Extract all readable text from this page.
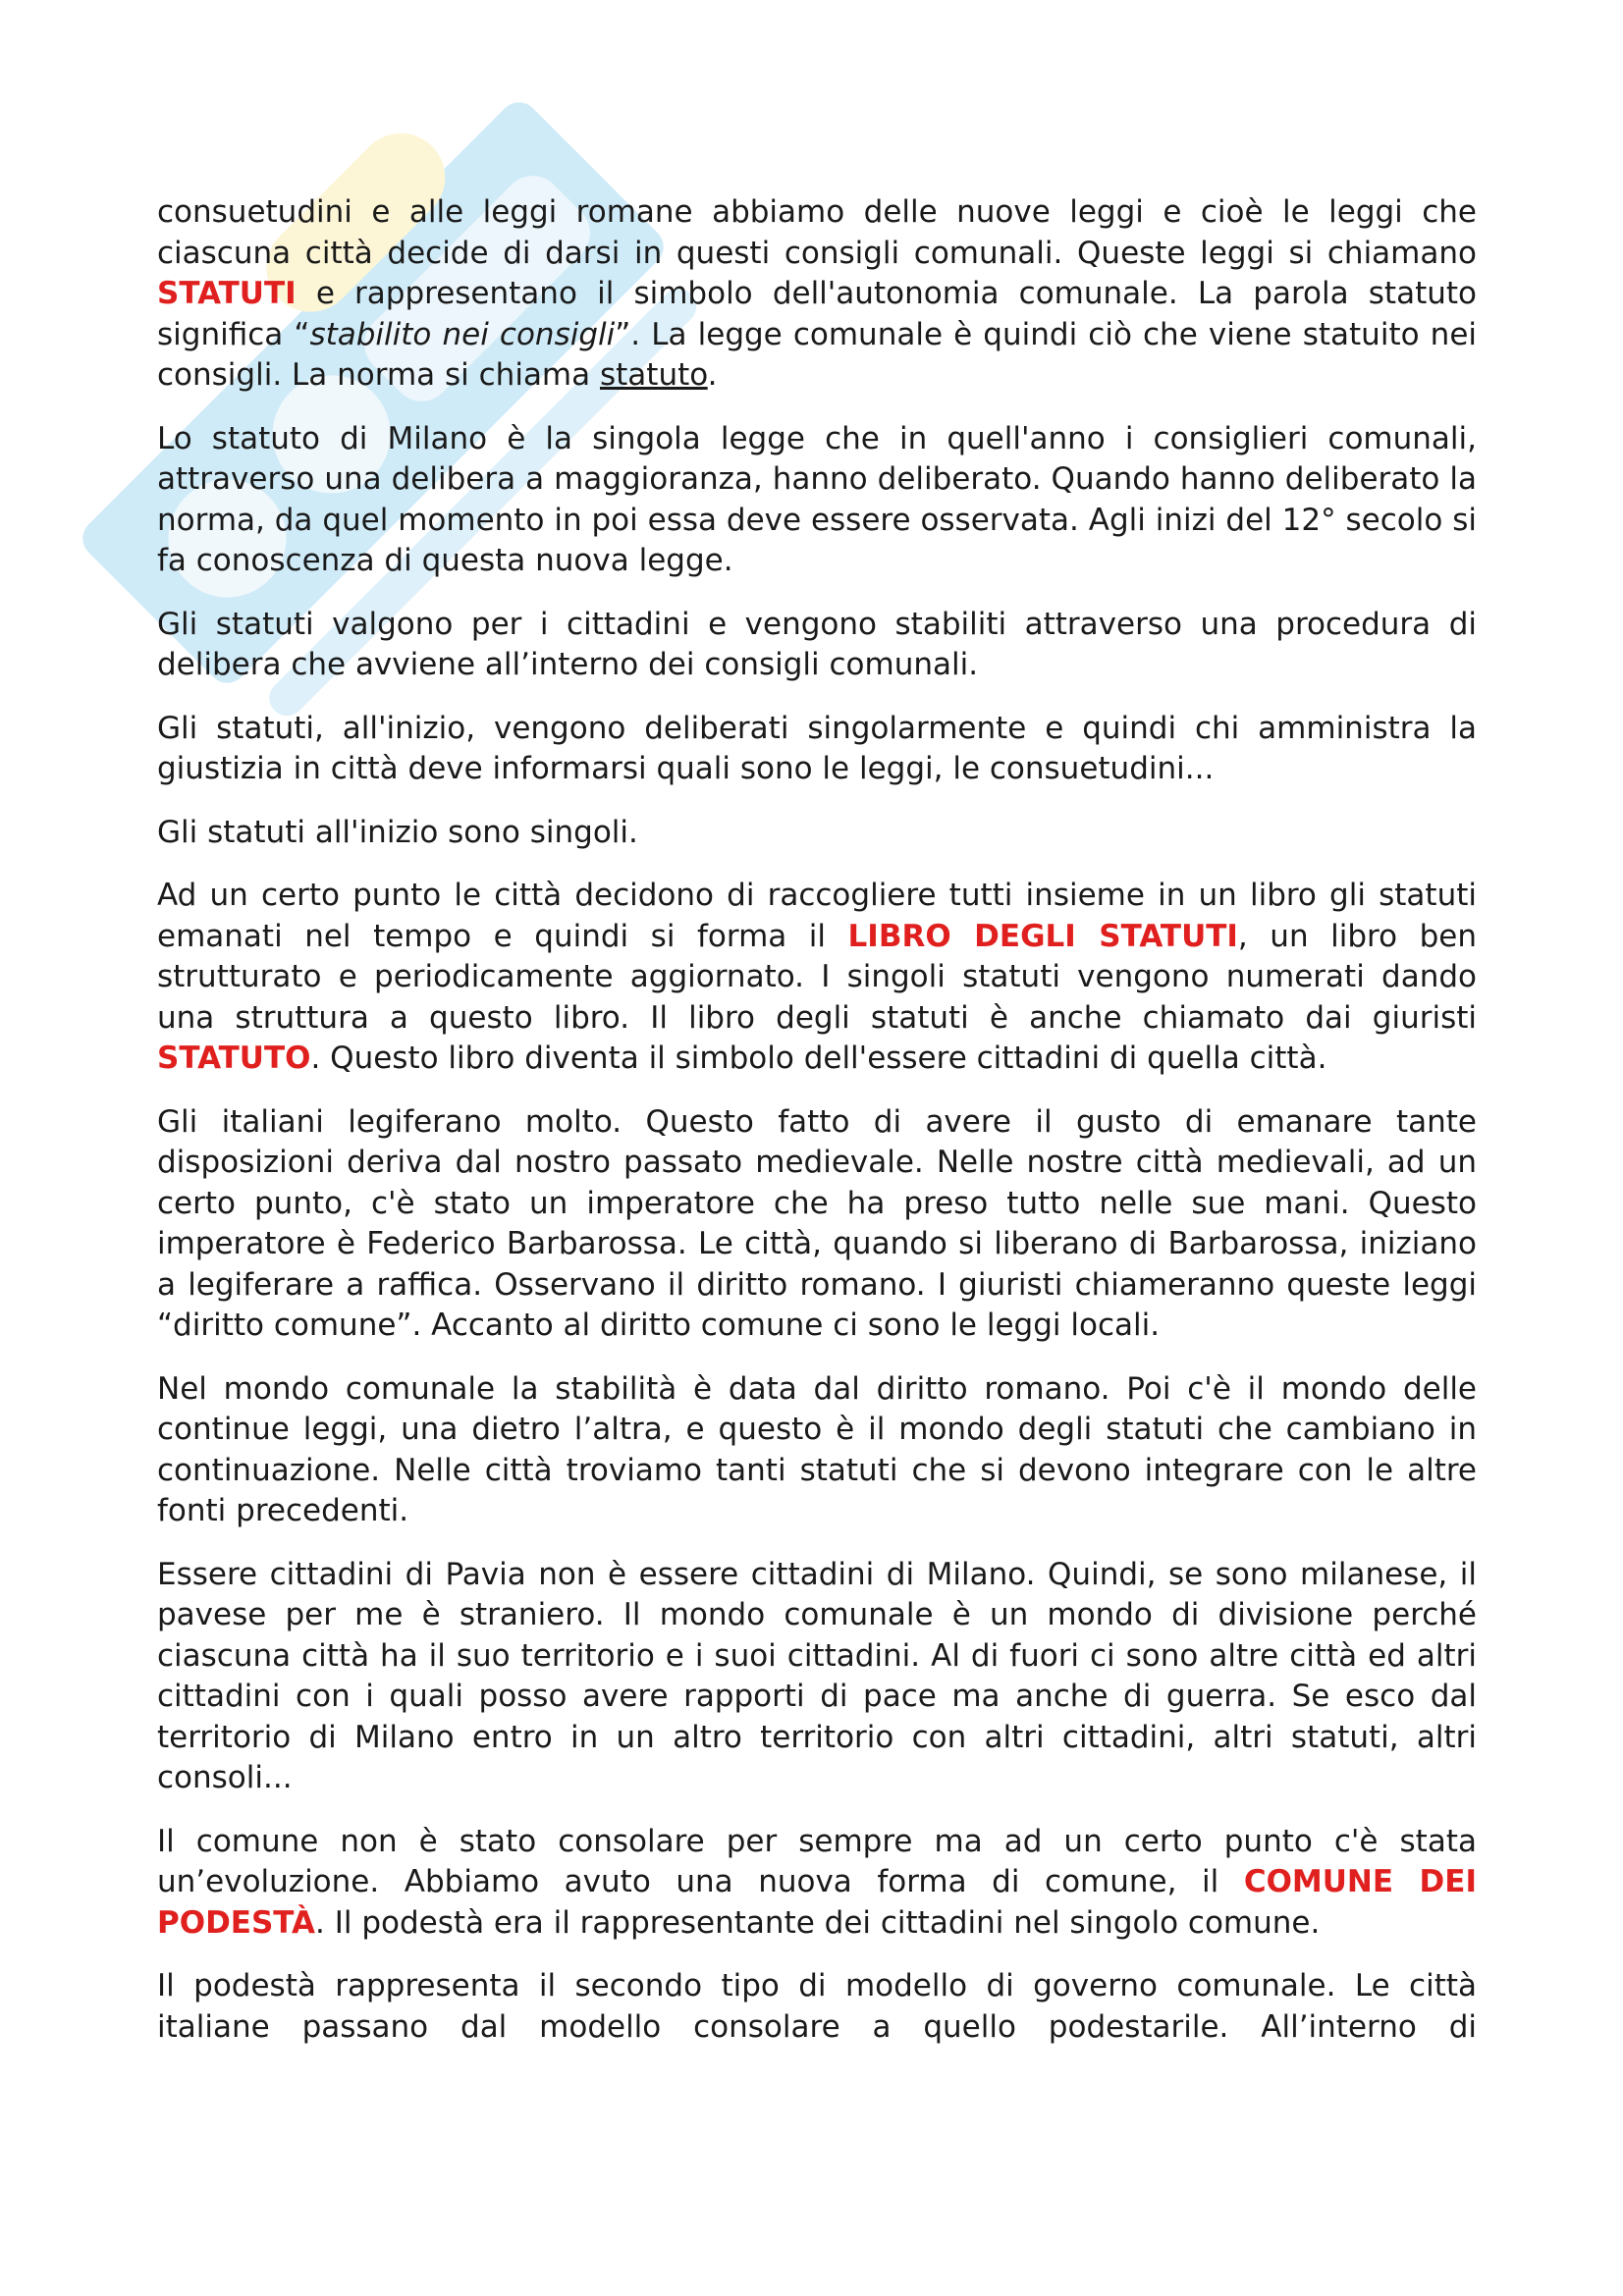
consuetudini e alle leggi romane abbiamo delle nuove leggi e cioè le leggi che ciascuna città decide di darsi in questi consigli comunali. Queste leggi si chiamano STATUTI e rappresentano il simbolo dell'autonomia comunale. La parola statuto significa “stabilito nei consigli”. La legge comunale è quindi ciò che viene statuito nei consigli. La norma si chiama statuto.

Lo statuto di Milano è la singola legge che in quell'anno i consiglieri comunali, attraverso una delibera a maggioranza, hanno deliberato. Quando hanno deliberato la norma, da quel momento in poi essa deve essere osservata. Agli inizi del 12° secolo si fa conoscenza di questa nuova legge.

Gli statuti valgono per i cittadini e vengono stabiliti attraverso una procedura di delibera che avviene all’interno dei consigli comunali.

Gli statuti, all'inizio, vengono deliberati singolarmente e quindi chi amministra la giustizia in città deve informarsi quali sono le leggi, le consuetudini...

Gli statuti all'inizio sono singoli.

Ad un certo punto le città decidono di raccogliere tutti insieme in un libro gli statuti emanati nel tempo e quindi si forma il LIBRO DEGLI STATUTI, un libro ben strutturato e periodicamente aggiornato. I singoli statuti vengono numerati dando una struttura a questo libro. Il libro degli statuti è anche chiamato dai giuristi STATUTO. Questo libro diventa il simbolo dell'essere cittadini di quella città.

Gli italiani legiferano molto. Questo fatto di avere il gusto di emanare tante disposizioni deriva dal nostro passato medievale. Nelle nostre città medievali, ad un certo punto, c'è stato un imperatore che ha preso tutto nelle sue mani. Questo imperatore è Federico Barbarossa. Le città, quando si liberano di Barbarossa, iniziano a legiferare a raffica. Osservano il diritto romano. I giuristi chiameranno queste leggi “diritto comune”. Accanto al diritto comune ci sono le leggi locali.

Nel mondo comunale la stabilità è data dal diritto romano. Poi c'è il mondo delle continue leggi, una dietro l’altra, e questo è il mondo degli statuti che cambiano in continuazione. Nelle città troviamo tanti statuti che si devono integrare con le altre fonti precedenti.

Essere cittadini di Pavia non è essere cittadini di Milano. Quindi, se sono milanese, il pavese per me è straniero. Il mondo comunale è un mondo di divisione perché ciascuna città ha il suo territorio e i suoi cittadini. Al di fuori ci sono altre città ed altri cittadini con i quali posso avere rapporti di pace ma anche di guerra. Se esco dal territorio di Milano entro in un altro territorio con altri cittadini, altri statuti, altri consoli...

Il comune non è stato consolare per sempre ma ad un certo punto c'è stata un’evoluzione. Abbiamo avuto una nuova forma di comune, il COMUNE DEI PODESTÀ. Il podestà era il rappresentante dei cittadini nel singolo comune.

Il podestà rappresenta il secondo tipo di modello di governo comunale. Le città italiane passano dal modello consolare a quello podestarile. All’interno di
